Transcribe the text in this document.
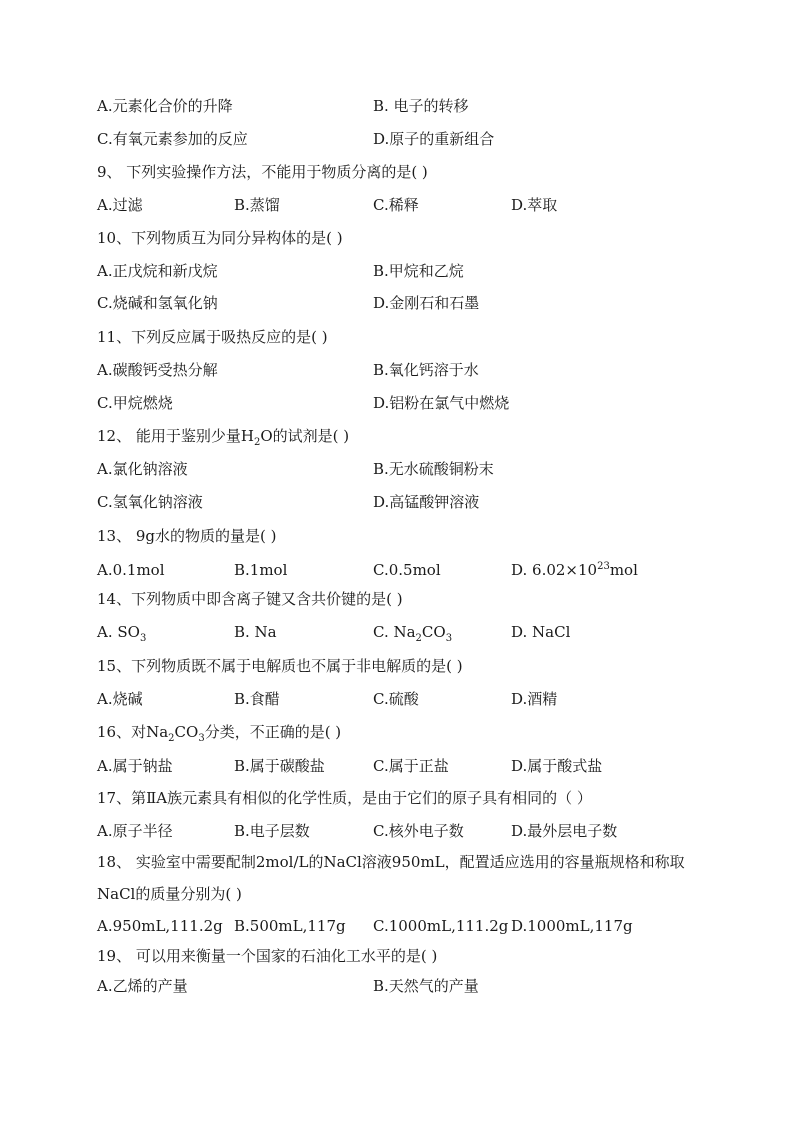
A.元素化合价的升降	B. 电子的转移
C.有氧元素参加的反应	D.原子的重新组合
9、 下列实验操作方法，不能用于物质分离的是( )
A.过滤	B.蒸馏	C.稀释	D.萃取
10、下列物质互为同分异构体的是( )
A.正戊烷和新戊烷	B.甲烷和乙烷
C.烧碱和氢氧化钠	D.金刚石和石墨
11、下列反应属于吸热反应的是( )
A.碳酸钙受热分解	B.氧化钙溶于水
C.甲烷燃烧	D.铝粉在氯气中燃烧
12、 能用于鉴别少量$H_2O$的试剂是( )
A.氯化钠溶液	B.无水硫酸铜粉末
C.氢氧化钠溶液	D.高锰酸钾溶液
13、 9g水的物质的量是( )
A.0.1mol	B.1mol	C.0.5mol	D. $6.02\times 10^{23}mol$
14、下列物质中即含离子键又含共价键的是( )
A. $SO_3$	B. Na	C. $Na_2CO_3$	D. NaCl
15、下列物质既不属于电解质也不属于非电解质的是( )
A.烧碱	B.食醋	C.硫酸	D.酒精
16、对$Na_2CO_3$分类，不正确的是( )
A.属于钠盐	B.属于碳酸盐	C.属于正盐	D.属于酸式盐
17、第ⅡA族元素具有相似的化学性质，是由于它们的原子具有相同的（ ）
A.原子半径	B.电子层数	C.核外电子数	D.最外层电子数
18、 实验室中需要配制2mol/L的NaCl溶液950mL，配置适应选用的容量瓶规格和称取
NaCl的质量分别为( )
A.950mL,111.2g B.500mL,117g C.1000mL,111.2g D.1000mL,117g
19、 可以用来衡量一个国家的石油化工水平的是( )
A.乙烯的产量	B.天然气的产量
